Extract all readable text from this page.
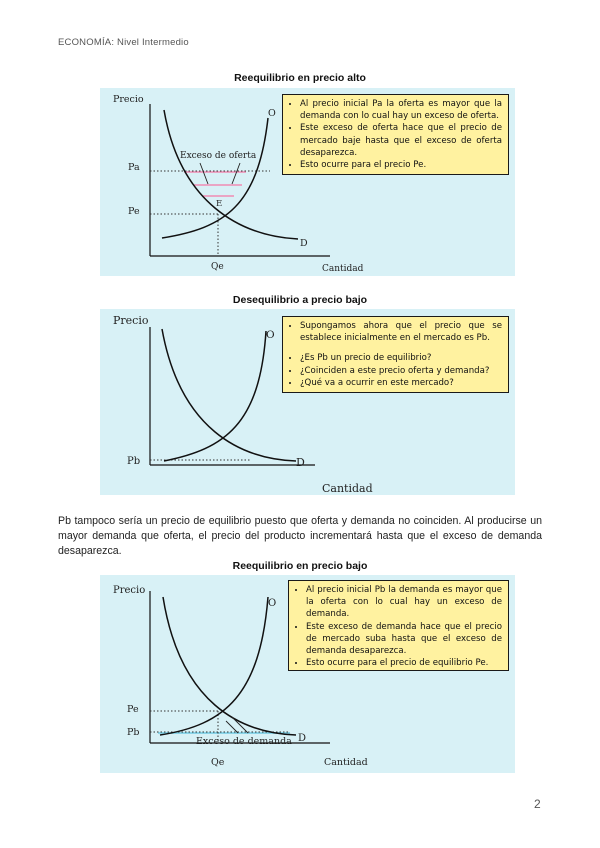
ECONOMÍA: Nivel Intermedio
Reequilibrio en precio alto
Precio
Cantidad
O
D
Pa
Pe
Qe
E
Exceso de oferta
• Al precio inicial Pa la oferta es mayor que la demanda con lo cual hay un exceso de oferta.
• Este exceso de oferta hace que el precio de mercado baje hasta que el exceso de oferta desaparezca.
• Esto ocurre para el precio Pe.
Desequilibrio a precio bajo
Precio
Cantidad
O
D
Pb
• Supongamos ahora que el precio que se establece inicialmente en el mercado es Pb.
• ¿Es Pb un precio de equilibrio?
• ¿Coinciden a este precio oferta y demanda?
• ¿Qué va a ocurrir en este mercado?
Pb tampoco sería un precio de equilibrio puesto que oferta y demanda no coinciden. Al producirse un mayor demanda que oferta, el precio del producto incrementará hasta que el exceso de demanda desaparezca.
Reequilibrio en precio bajo
Precio
Cantidad
O
D
Pe
Pb
Qe
Exceso de demanda
• Al precio inicial Pb la demanda es mayor que la oferta con lo cual hay un exceso de demanda.
• Este exceso de demanda hace que el precio de mercado suba hasta que el exceso de demanda desaparezca.
• Esto ocurre para el precio de equilibrio Pe.
2
